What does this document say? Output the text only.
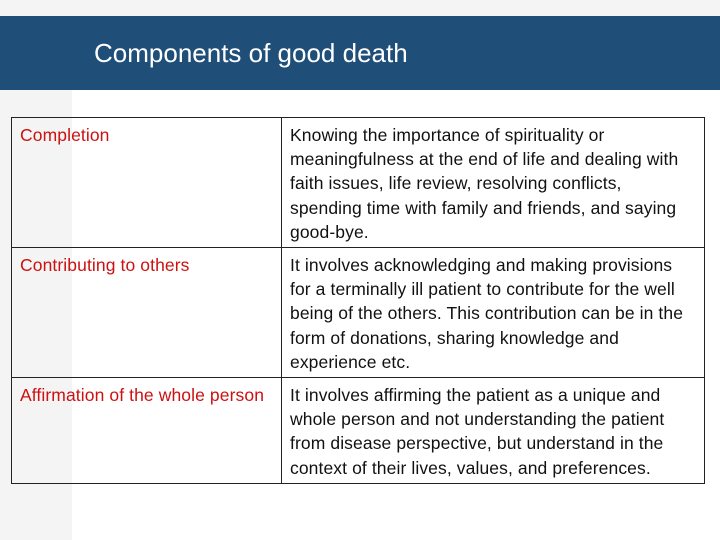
Components of good death
Completion	Knowing the importance of spirituality or meaningfulness at the end of life and dealing with faith issues, life review, resolving conflicts, spending time with family and friends, and saying good-bye.
Contributing to others	It involves acknowledging and making provisions for a terminally ill patient to contribute for the well being of the others. This contribution can be in the form of donations, sharing knowledge and experience etc.
Affirmation of the whole person	It involves affirming the patient as a unique and whole person and not understanding the patient from disease perspective, but understand in the context of their lives, values, and preferences.
